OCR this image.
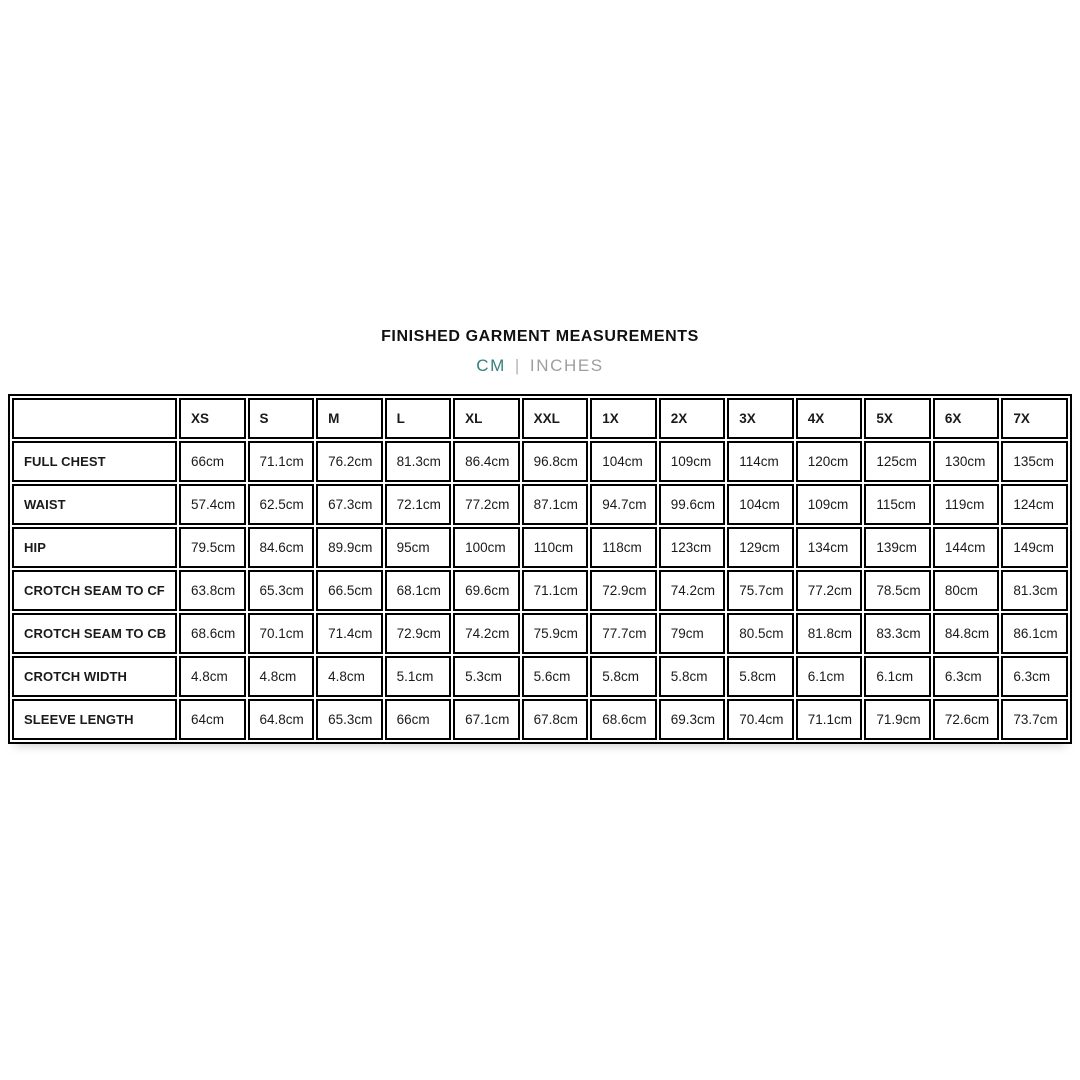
FINISHED GARMENT MEASUREMENTS
CM | INCHES
	XS	S	M	L	XL	XXL	1X	2X	3X	4X	5X	6X	7X
FULL CHEST	66cm	71.1cm	76.2cm	81.3cm	86.4cm	96.8cm	104cm	109cm	114cm	120cm	125cm	130cm	135cm
WAIST	57.4cm	62.5cm	67.3cm	72.1cm	77.2cm	87.1cm	94.7cm	99.6cm	104cm	109cm	115cm	119cm	124cm
HIP	79.5cm	84.6cm	89.9cm	95cm	100cm	110cm	118cm	123cm	129cm	134cm	139cm	144cm	149cm
CROTCH SEAM TO CF	63.8cm	65.3cm	66.5cm	68.1cm	69.6cm	71.1cm	72.9cm	74.2cm	75.7cm	77.2cm	78.5cm	80cm	81.3cm
CROTCH SEAM TO CB	68.6cm	70.1cm	71.4cm	72.9cm	74.2cm	75.9cm	77.7cm	79cm	80.5cm	81.8cm	83.3cm	84.8cm	86.1cm
CROTCH WIDTH	4.8cm	4.8cm	4.8cm	5.1cm	5.3cm	5.6cm	5.8cm	5.8cm	5.8cm	6.1cm	6.1cm	6.3cm	6.3cm
SLEEVE LENGTH	64cm	64.8cm	65.3cm	66cm	67.1cm	67.8cm	68.6cm	69.3cm	70.4cm	71.1cm	71.9cm	72.6cm	73.7cm
